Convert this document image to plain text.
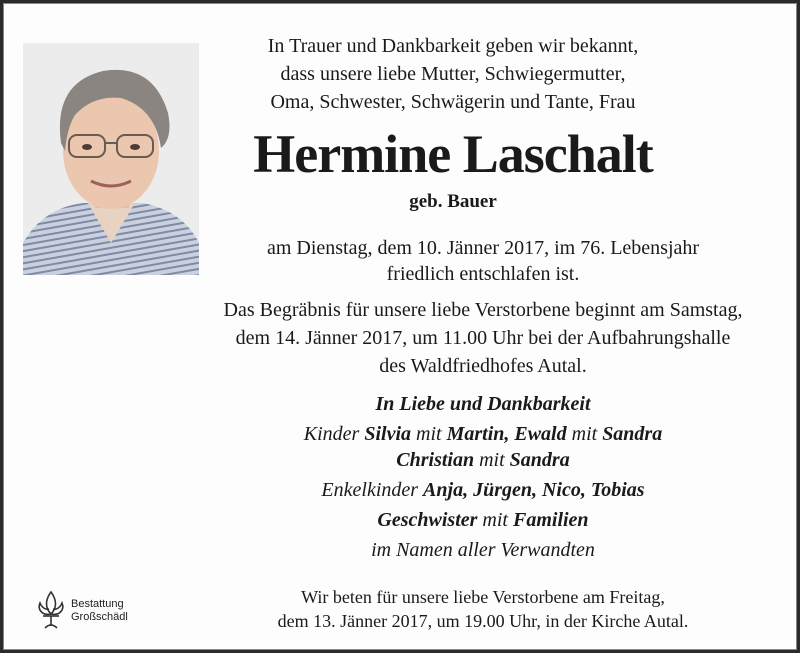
In Trauer und Dankbarkeit geben wir bekannt,
dass unsere liebe Mutter, Schwiegermutter,
Oma, Schwester, Schwägerin und Tante, Frau
Hermine Laschalt
geb. Bauer
am Dienstag, dem 10. Jänner 2017, im 76. Lebensjahr
friedlich entschlafen ist.
Das Begräbnis für unsere liebe Verstorbene beginnt am Samstag,
dem 14. Jänner 2017, um 11.00 Uhr bei der Aufbahrungshalle
des Waldfriedhofes Autal.
In Liebe und Dankbarkeit
Kinder Silvia mit Martin, Ewald mit Sandra
Christian mit Sandra
Enkelkinder Anja, Jürgen, Nico, Tobias
Geschwister mit Familien
im Namen aller Verwandten
Wir beten für unsere liebe Verstorbene am Freitag,
dem 13. Jänner 2017, um 19.00 Uhr, in der Kirche Autal.
Bestattung
Großschädl
